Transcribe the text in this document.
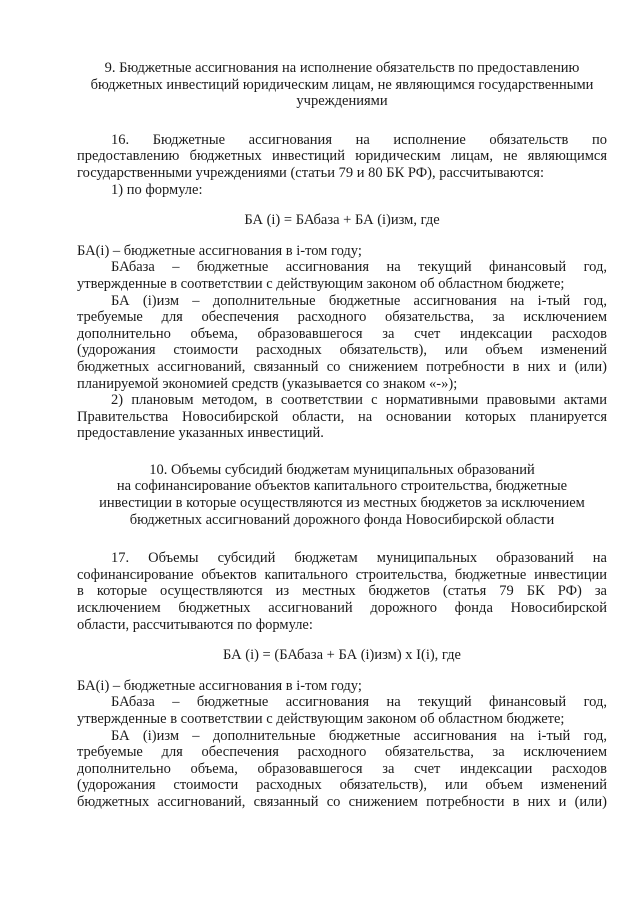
9. Бюджетные ассигнования на исполнение обязательств по предоставлению
бюджетных инвестиций юридическим лицам, не являющимся государственными
учреждениями
16. Бюджетные ассигнования на исполнение обязательств по
предоставлению бюджетных инвестиций юридическим лицам, не являющимся
государственными учреждениями (статьи 79 и 80 БК РФ), рассчитываются:

1) по формуле:

БА (i) = БАбаза + БА (i)изм, где

БА(i) – бюджетные ассигнования в i-том году;

БАбаза – бюджетные ассигнования на текущий финансовый год,
утвержденные в соответствии с действующим законом об областном бюджете;
БА (i)изм – дополнительные бюджетные ассигнования на i-тый год,
требуемые для обеспечения расходного обязательства, за исключением
дополнительно объема, образовавшегося за счет индексации расходов
(удорожания стоимости расходных обязательств), или объем изменений
бюджетных ассигнований, связанный со снижением потребности в них и (или)
планируемой экономией средств (указывается со знаком «-»);
2) плановым методом, в соответствии с нормативными правовыми актами
Правительства Новосибирской области, на основании которых планируется
предоставление указанных инвестиций.
10. Объемы субсидий бюджетам муниципальных образований
на софинансирование объектов капитального строительства, бюджетные
инвестиции в которые осуществляются из местных бюджетов за исключением
бюджетных ассигнований дорожного фонда Новосибирской области
17. Объемы субсидий бюджетам муниципальных образований на
софинансирование объектов капитального строительства, бюджетные инвестиции
в которые осуществляются из местных бюджетов (статья 79 БК РФ) за
исключением бюджетных ассигнований дорожного фонда Новосибирской
области, рассчитываются по формуле:

БА (i) = (БАбаза + БА (i)изм) x I(i), где

БА(i) – бюджетные ассигнования в i-том году;

БАбаза – бюджетные ассигнования на текущий финансовый год,
утвержденные в соответствии с действующим законом об областном бюджете;
БА (i)изм – дополнительные бюджетные ассигнования на i-тый год,
требуемые для обеспечения расходного обязательства, за исключением
дополнительно объема, образовавшегося за счет индексации расходов
(удорожания стоимости расходных обязательств), или объем изменений
бюджетных ассигнований, связанный со снижением потребности в них и (или)
